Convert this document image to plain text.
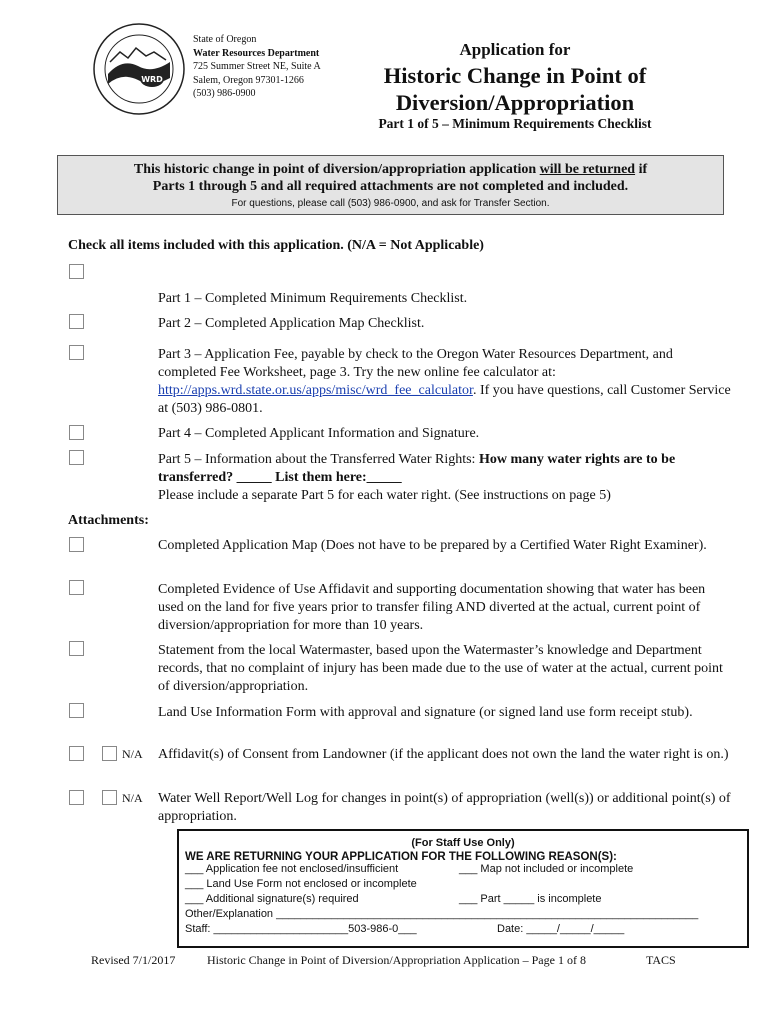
WRD
State of Oregon
Water Resources Department
725 Summer Street NE, Suite A
Salem, Oregon 97301-1266
(503) 986-0900
Application for
Historic Change in Point of
Diversion/Appropriation
Part 1 of 5 – Minimum Requirements Checklist
This historic change in point of diversion/appropriation application will be returned if
Parts 1 through 5 and all required attachments are not completed and included.
For questions, please call (503) 986-0900, and ask for Transfer Section.
Check all items included with this application. (N/A = Not Applicable)
Part 1 – Completed Minimum Requirements Checklist.
Part 2 – Completed Application Map Checklist.
Part 3 – Application Fee, payable by check to the Oregon Water Resources Department, and completed Fee Worksheet, page 3. Try the new online fee calculator at:
http://apps.wrd.state.or.us/apps/misc/wrd_fee_calculator. If you have questions, call Customer Service at (503) 986-0801.
Part 4 – Completed Applicant Information and Signature.
Part 5 – Information about the Transferred Water Rights: How many water rights are to be transferred? _____ List them here:_____
Please include a separate Part 5 for each water right. (See instructions on page 5)
Attachments:
Completed Application Map (Does not have to be prepared by a Certified Water Right Examiner).
Completed Evidence of Use Affidavit and supporting documentation showing that water has been used on the land for five years prior to transfer filing AND diverted at the actual, current point of diversion/appropriation for more than 10 years.
Statement from the local Watermaster, based upon the Watermaster’s knowledge and Department records, that no complaint of injury has been made due to the use of water at the actual, current point of diversion/appropriation.
Land Use Information Form with approval and signature (or signed land use form receipt stub).
N/A Affidavit(s) of Consent from Landowner (if the applicant does not own the land the water right is on.)
N/A Water Well Report/Well Log for changes in point(s) of appropriation (well(s)) or additional point(s) of appropriation.
(For Staff Use Only)
WE ARE RETURNING YOUR APPLICATION FOR THE FOLLOWING REASON(S):
___ Application fee not enclosed/insufficient	___ Map not included or incomplete
___ Land Use Form not enclosed or incomplete
___ Additional signature(s) required	___ Part _____ is incomplete
Other/Explanation _____________________________________________________________________
Staff: ______________________503-986-0___	Date: _____/_____/_____
Revised 7/1/2017	Historic Change in Point of Diversion/Appropriation Application – Page 1 of 8	TACS
